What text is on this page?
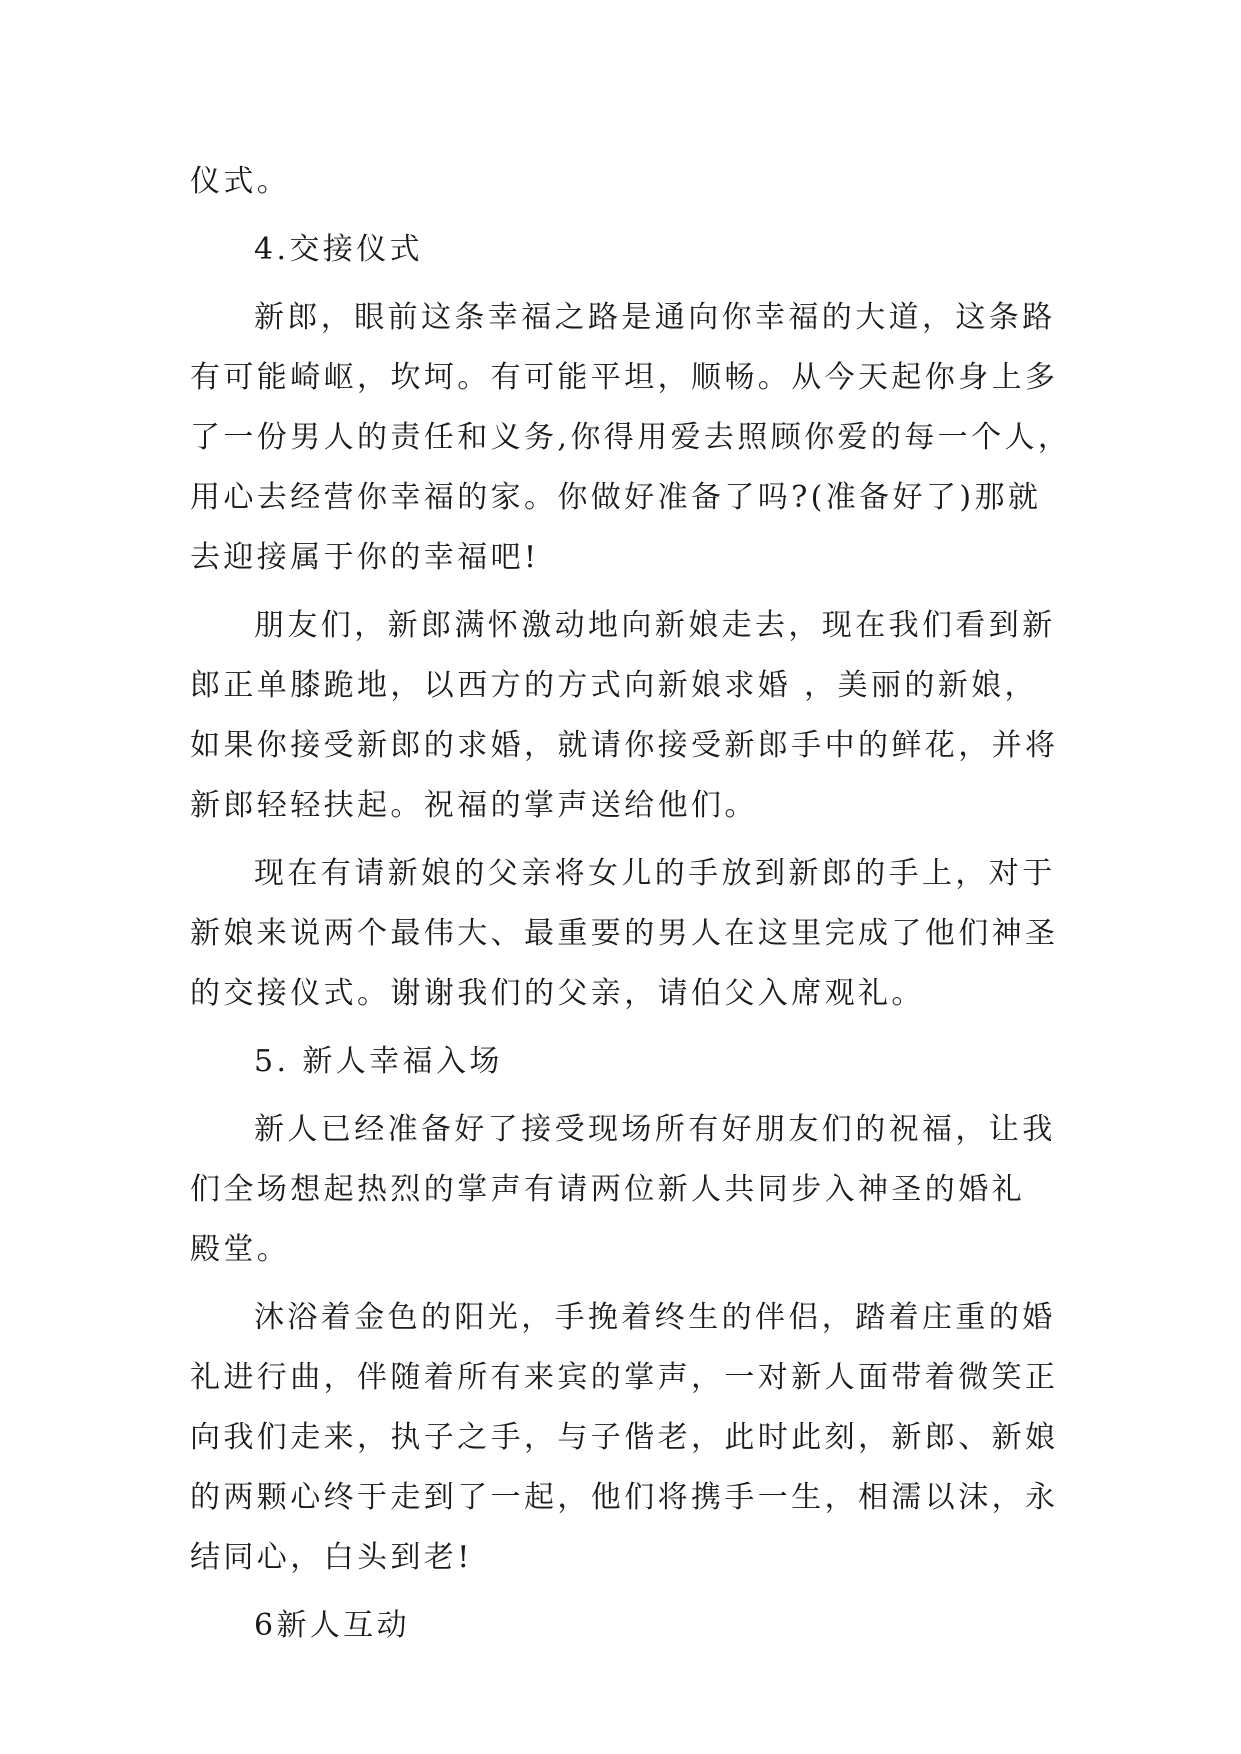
仪式。
4.交接仪式
新郎，眼前这条幸福之路是通向你幸福的大道，这条路
有可能崎岖，坎坷。有可能平坦，顺畅。从今天起你身上多
了一份男人的责任和义务,你得用爱去照顾你爱的每一个人，
用心去经营你幸福的家。你做好准备了吗?(准备好了)那就
去迎接属于你的幸福吧!
朋友们，新郎满怀激动地向新娘走去，现在我们看到新
郎正单膝跪地，以西方的方式向新娘求婚 ，美丽的新娘，
如果你接受新郎的求婚，就请你接受新郎手中的鲜花，并将
新郎轻轻扶起。祝福的掌声送给他们。
现在有请新娘的父亲将女儿的手放到新郎的手上，对于
新娘来说两个最伟大、最重要的男人在这里完成了他们神圣
的交接仪式。谢谢我们的父亲，请伯父入席观礼。
5. 新人幸福入场
新人已经准备好了接受现场所有好朋友们的祝福，让我
们全场想起热烈的掌声有请两位新人共同步入神圣的婚礼
殿堂。
沐浴着金色的阳光，手挽着终生的伴侣，踏着庄重的婚
礼进行曲，伴随着所有来宾的掌声，一对新人面带着微笑正
向我们走来，执子之手，与子偕老，此时此刻，新郎、新娘
的两颗心终于走到了一起，他们将携手一生，相濡以沫，永
结同心，白头到老!
6新人互动
